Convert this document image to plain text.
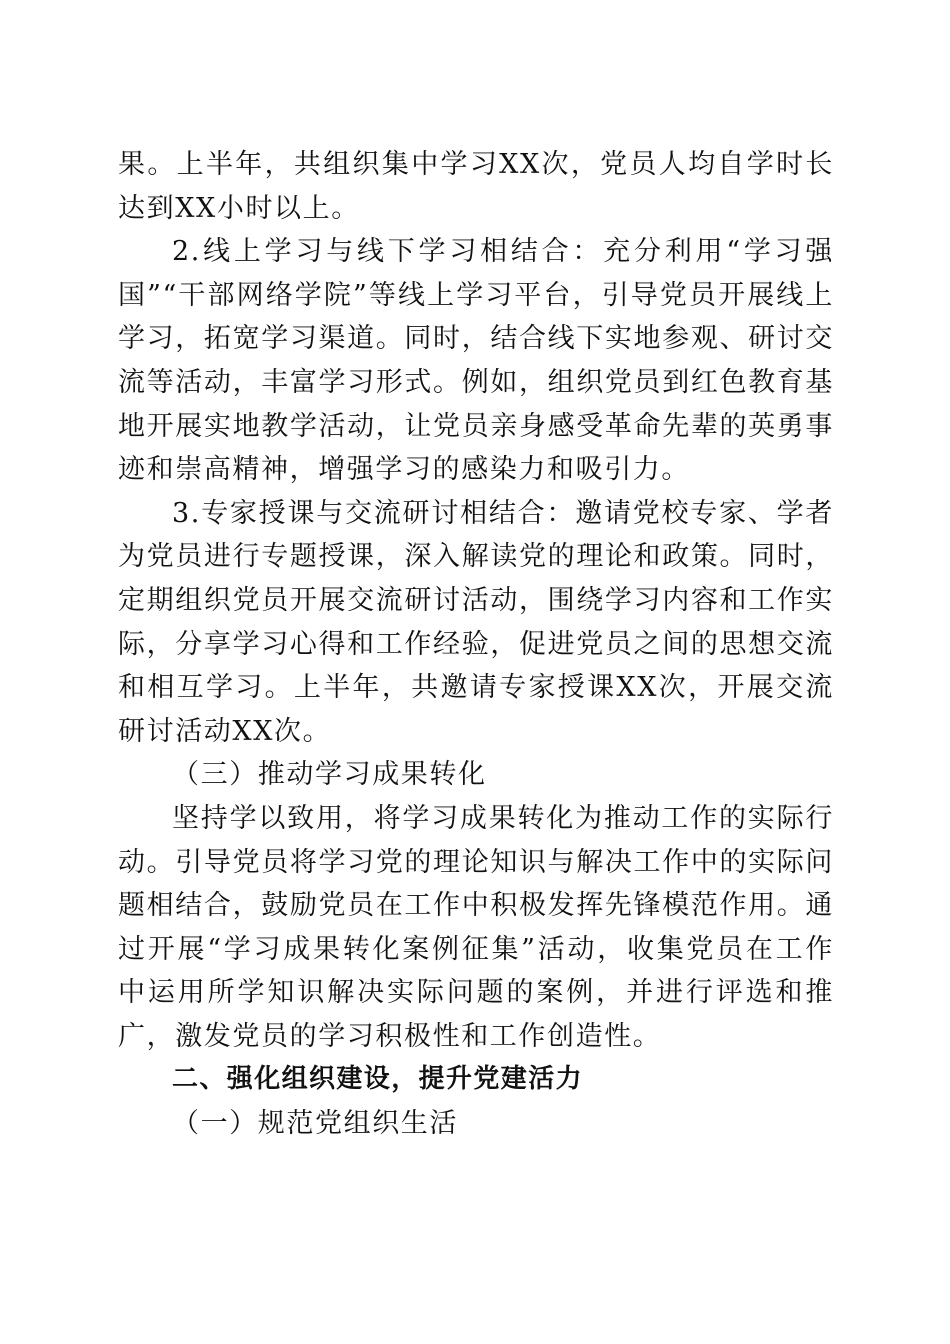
果。上半年，共组织集中学习XX次，党员人均自学时长达到XX小时以上。

2.线上学习与线下学习相结合：充分利用“学习强国”“干部网络学院”等线上学习平台，引导党员开展线上学习，拓宽学习渠道。同时，结合线下实地参观、研讨交流等活动，丰富学习形式。例如，组织党员到红色教育基地开展实地教学活动，让党员亲身感受革命先辈的英勇事迹和崇高精神，增强学习的感染力和吸引力。

3.专家授课与交流研讨相结合：邀请党校专家、学者为党员进行专题授课，深入解读党的理论和政策。同时，定期组织党员开展交流研讨活动，围绕学习内容和工作实际，分享学习心得和工作经验，促进党员之间的思想交流和相互学习。上半年，共邀请专家授课XX次，开展交流研讨活动XX次。

（三）推动学习成果转化

坚持学以致用，将学习成果转化为推动工作的实际行动。引导党员将学习党的理论知识与解决工作中的实际问题相结合，鼓励党员在工作中积极发挥先锋模范作用。通过开展“学习成果转化案例征集”活动，收集党员在工作中运用所学知识解决实际问题的案例，并进行评选和推广，激发党员的学习积极性和工作创造性。

二、强化组织建设，提升党建活力

（一）规范党组织生活
